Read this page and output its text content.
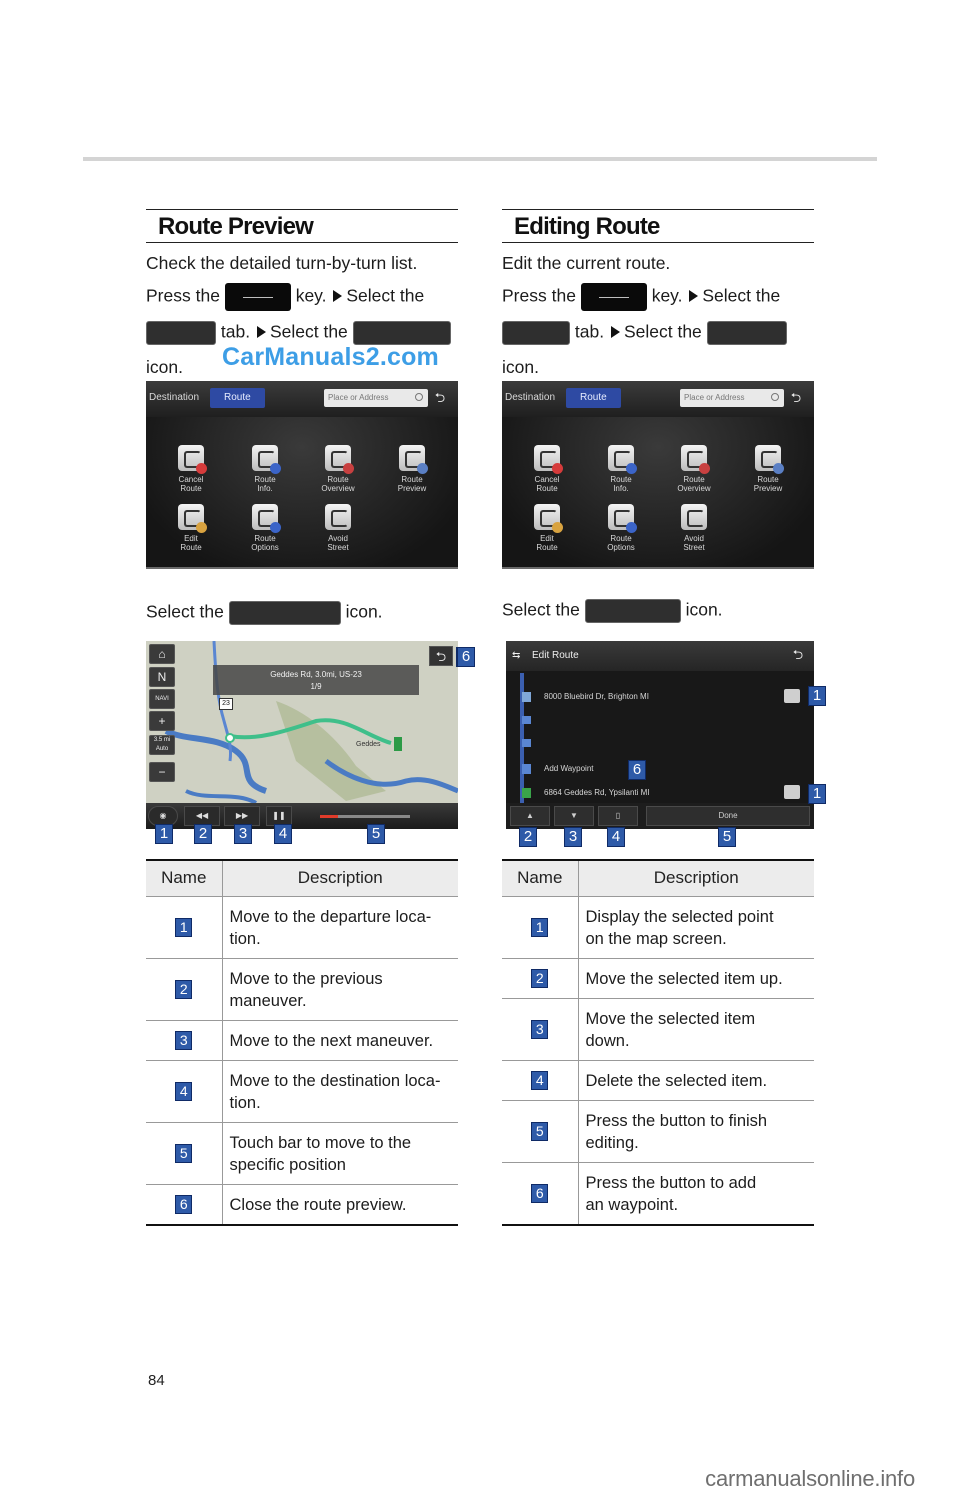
Route Preview

Check the detailed turn-by-turn list.

Press the	key. Select the

tab. Select the

icon.	CarManuals2.com
Destination	Route	Place or Address	⮌
Cancel
Route
Route
Info.
Route
Overview
Route
Preview
Edit
Route
Route
Options
Avoid
Street

Select the	icon.

⌂
N
NAVI
+
3.5 mi
Auto
−
Geddes Rd, 3.0mi, US-23
1/9
23
Geddes
⮌
◉	◀◀	▶▶	❚❚
6
1	2	3	4	5
Name	Description
1	Move to the departure loca-
tion.
2	Move to the previous
maneuver.
3	Move to the next maneuver.
4	Move to the destination loca-
tion.
5	Touch bar to move to the
specific position
6	Close the route preview.
Editing Route

Edit the current route.

Press the	key. Select the

tab. Select the

icon.

Destination	Route	Place or Address	⮌
Cancel
Route
Route
Info.
Route
Overview
Route
Preview
Edit
Route
Route
Options
Avoid
Street

Select the	icon.

⇆ Edit Route	⮌
8000 Bluebird Dr, Brighton MI
Add Waypoint
6864 Geddes Rd, Ypsilanti MI
▲	▼	▯	Done
1
1
6
2	3	4	5
Name	Description
1	Display the selected point
on the map screen.
2	Move the selected item up.
3	Move the selected item
down.
4	Delete the selected item.
5	Press the button to finish
editing.
6	Press the button to add
an waypoint.
84
carmanualsonline.info
